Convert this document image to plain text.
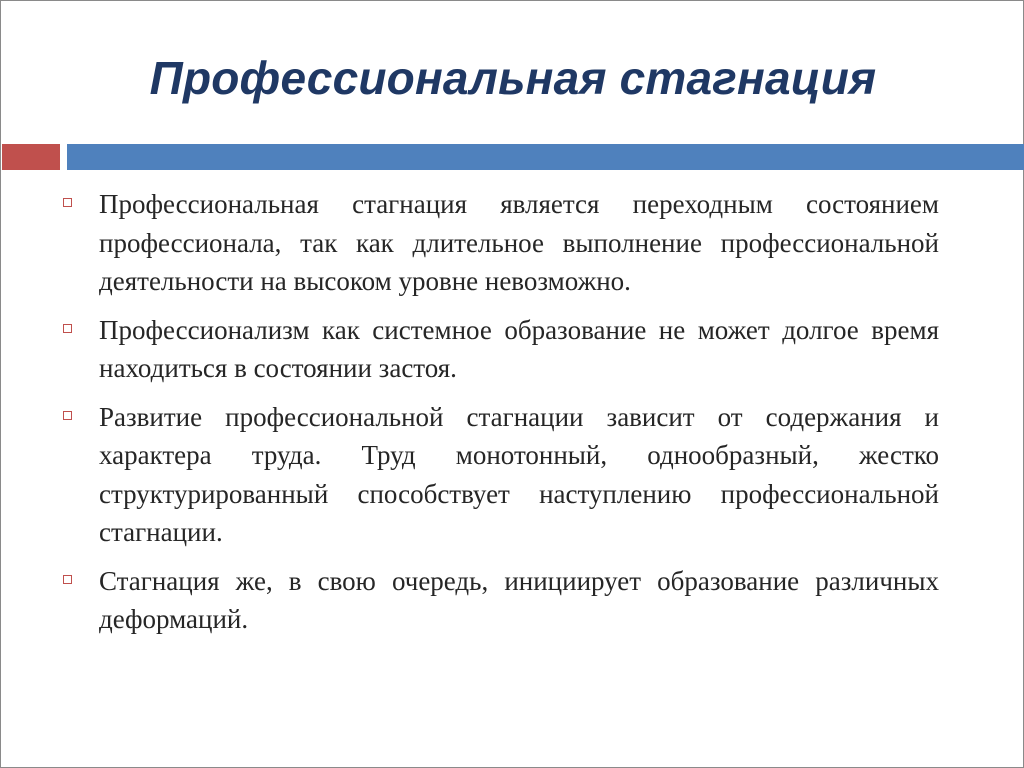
Профессиональная стагнация
Профессиональная стагнация является переходным состоянием профессионала, так как длительное выполнение профессиональной деятельности на высоком уровне невозможно.
Профессионализм как системное образование не может долгое время находиться в состоянии застоя.
Развитие профессиональной стагнации зависит от содержания и характера труда. Труд монотонный, однообразный, жестко структурированный способствует наступлению профессиональной стагнации.
Стагнация же, в свою очередь, инициирует образование различных деформаций.
